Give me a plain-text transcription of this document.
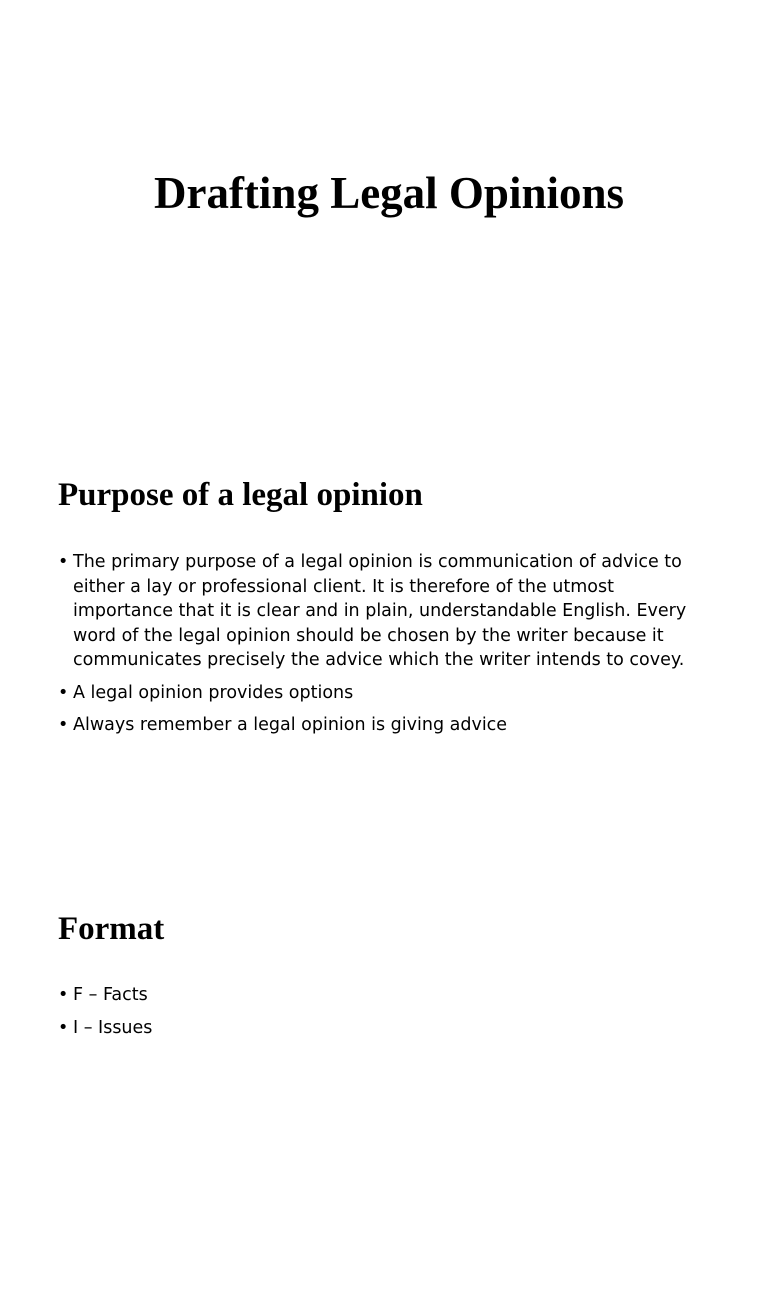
Drafting Legal Opinions
Purpose of a legal opinion
• The primary purpose of a legal opinion is communication of advice to either a lay or professional client. It is therefore of the utmost importance that it is clear and in plain, understandable English. Every word of the legal opinion should be chosen by the writer because it communicates precisely the advice which the writer intends to covey.
• A legal opinion provides options
• Always remember a legal opinion is giving advice
Format
• F – Facts
• I – Issues
